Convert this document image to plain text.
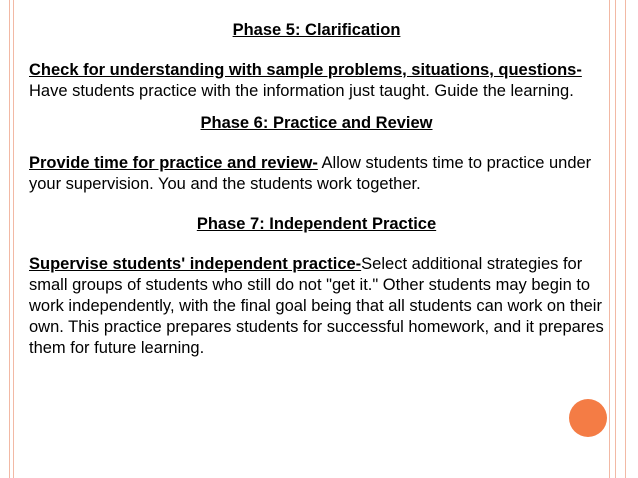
Phase 5: Clarification

Check for understanding with sample problems, situations, questions-Have students practice with the information just taught. Guide the learning.

Phase 6: Practice and Review

Provide time for practice and review- Allow students time to practice under your supervision. You and the students work together.

Phase 7: Independent Practice

Supervise students' independent practice-Select additional strategies for small groups of students who still do not "get it." Other students may begin to work independently, with the final goal being that all students can work on their own. This practice prepares students for successful homework, and it prepares them for future learning.
